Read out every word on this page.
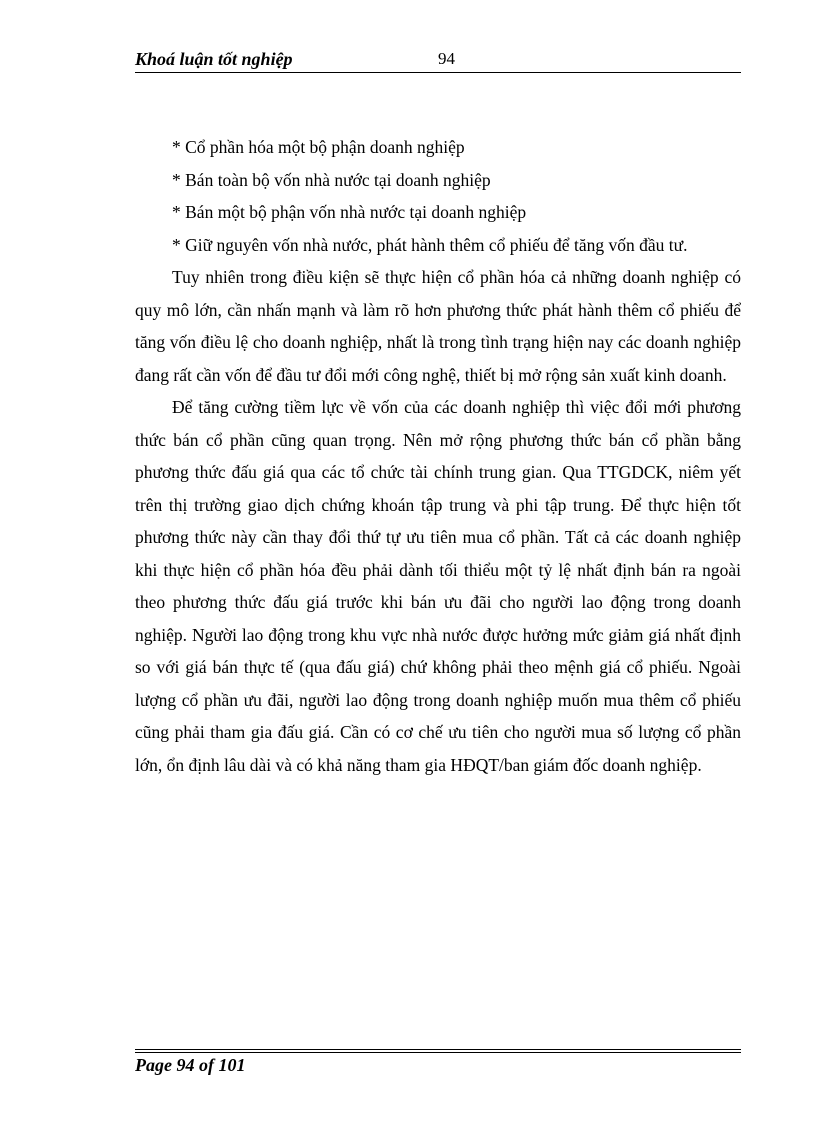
Khoá luận tốt nghiệp	94
* Cổ phần hóa một bộ phận doanh nghiệp
* Bán toàn bộ vốn nhà nước tại doanh nghiệp
* Bán một bộ phận vốn nhà nước tại doanh nghiệp
* Giữ nguyên vốn nhà nước, phát hành thêm cổ phiếu để tăng vốn đầu tư.

Tuy nhiên trong điều kiện sẽ thực hiện cổ phần hóa cả những doanh nghiệp có quy mô lớn, cần nhấn mạnh và làm rõ hơn phương thức phát hành thêm cổ phiếu để tăng vốn điều lệ cho doanh nghiệp, nhất là trong tình trạng hiện nay các doanh nghiệp đang rất cần vốn để đầu tư đổi mới công nghệ, thiết bị mở rộng sản xuất kinh doanh.

Để tăng cường tiềm lực về vốn của các doanh nghiệp thì việc đổi mới phương thức bán cổ phần cũng quan trọng. Nên mở rộng phương thức bán cổ phần bằng phương thức đấu giá qua các tổ chức tài chính trung gian. Qua TTGDCK, niêm yết trên thị trường giao dịch chứng khoán tập trung và phi tập trung. Để thực hiện tốt phương thức này cần thay đổi thứ tự ưu tiên mua cổ phần. Tất cả các doanh nghiệp khi thực hiện cổ phần hóa đều phải dành tối thiểu một tỷ lệ nhất định bán ra ngoài theo phương thức đấu giá trước khi bán ưu đãi cho người lao động trong doanh nghiệp. Người lao động trong khu vực nhà nước được hưởng mức giảm giá nhất định so với giá bán thực tế (qua đấu giá) chứ không phải theo mệnh giá cổ phiếu. Ngoài lượng cổ phần ưu đãi, người lao động trong doanh nghiệp muốn mua thêm cổ phiếu cũng phải tham gia đấu giá. Cần có cơ chế ưu tiên cho người mua số lượng cổ phần lớn, ổn định lâu dài và có khả năng tham gia HĐQT/ban giám đốc doanh nghiệp.

Page 94 of 101
